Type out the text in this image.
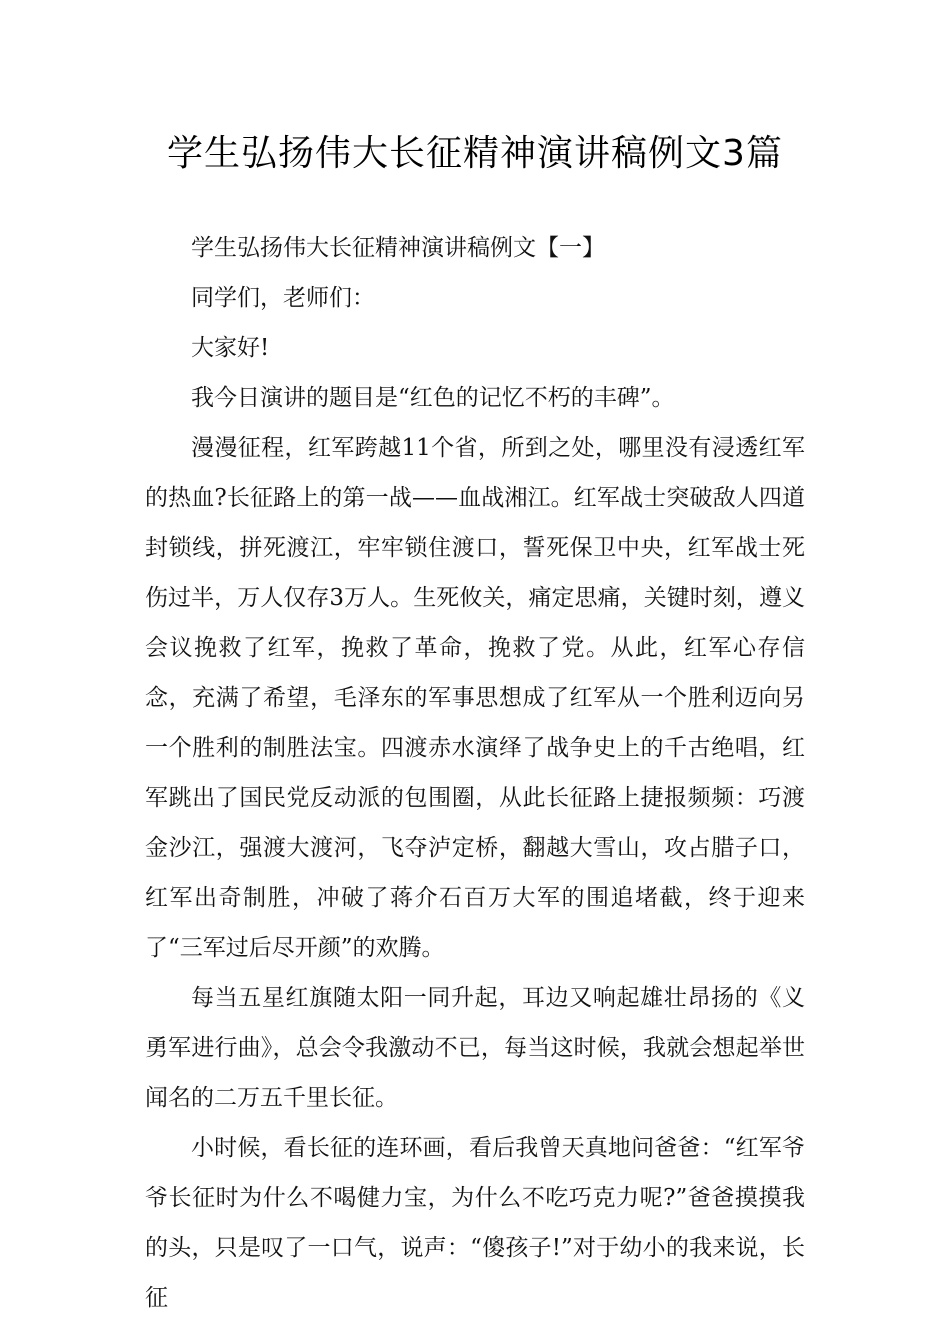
学生弘扬伟大长征精神演讲稿例文3篇

学生弘扬伟大长征精神演讲稿例文【一】

同学们，老师们：

大家好!

我今日演讲的题目是“红色的记忆不朽的丰碑”。

漫漫征程，红军跨越11个省，所到之处，哪里没有浸透红军的热血?长征路上的第一战——血战湘江。红军战士突破敌人四道封锁线，拼死渡江，牢牢锁住渡口，誓死保卫中央，红军战士死伤过半，万人仅存3万人。生死攸关，痛定思痛，关键时刻，遵义会议挽救了红军，挽救了革命，挽救了党。从此，红军心存信念，充满了希望，毛泽东的军事思想成了红军从一个胜利迈向另一个胜利的制胜法宝。四渡赤水演绎了战争史上的千古绝唱，红军跳出了国民党反动派的包围圈，从此长征路上捷报频频：巧渡金沙江，强渡大渡河，飞夺泸定桥，翻越大雪山，攻占腊子口，红军出奇制胜，冲破了蒋介石百万大军的围追堵截，终于迎来了“三军过后尽开颜”的欢腾。

每当五星红旗随太阳一同升起，耳边又响起雄壮昂扬的《义勇军进行曲》，总会令我激动不已，每当这时候，我就会想起举世闻名的二万五千里长征。

小时候，看长征的连环画，看后我曾天真地问爸爸：“红军爷爷长征时为什么不喝健力宝，为什么不吃巧克力呢?”爸爸摸摸我的头，只是叹了一口气，说声：“傻孩子!”对于幼小的我来说，长征
